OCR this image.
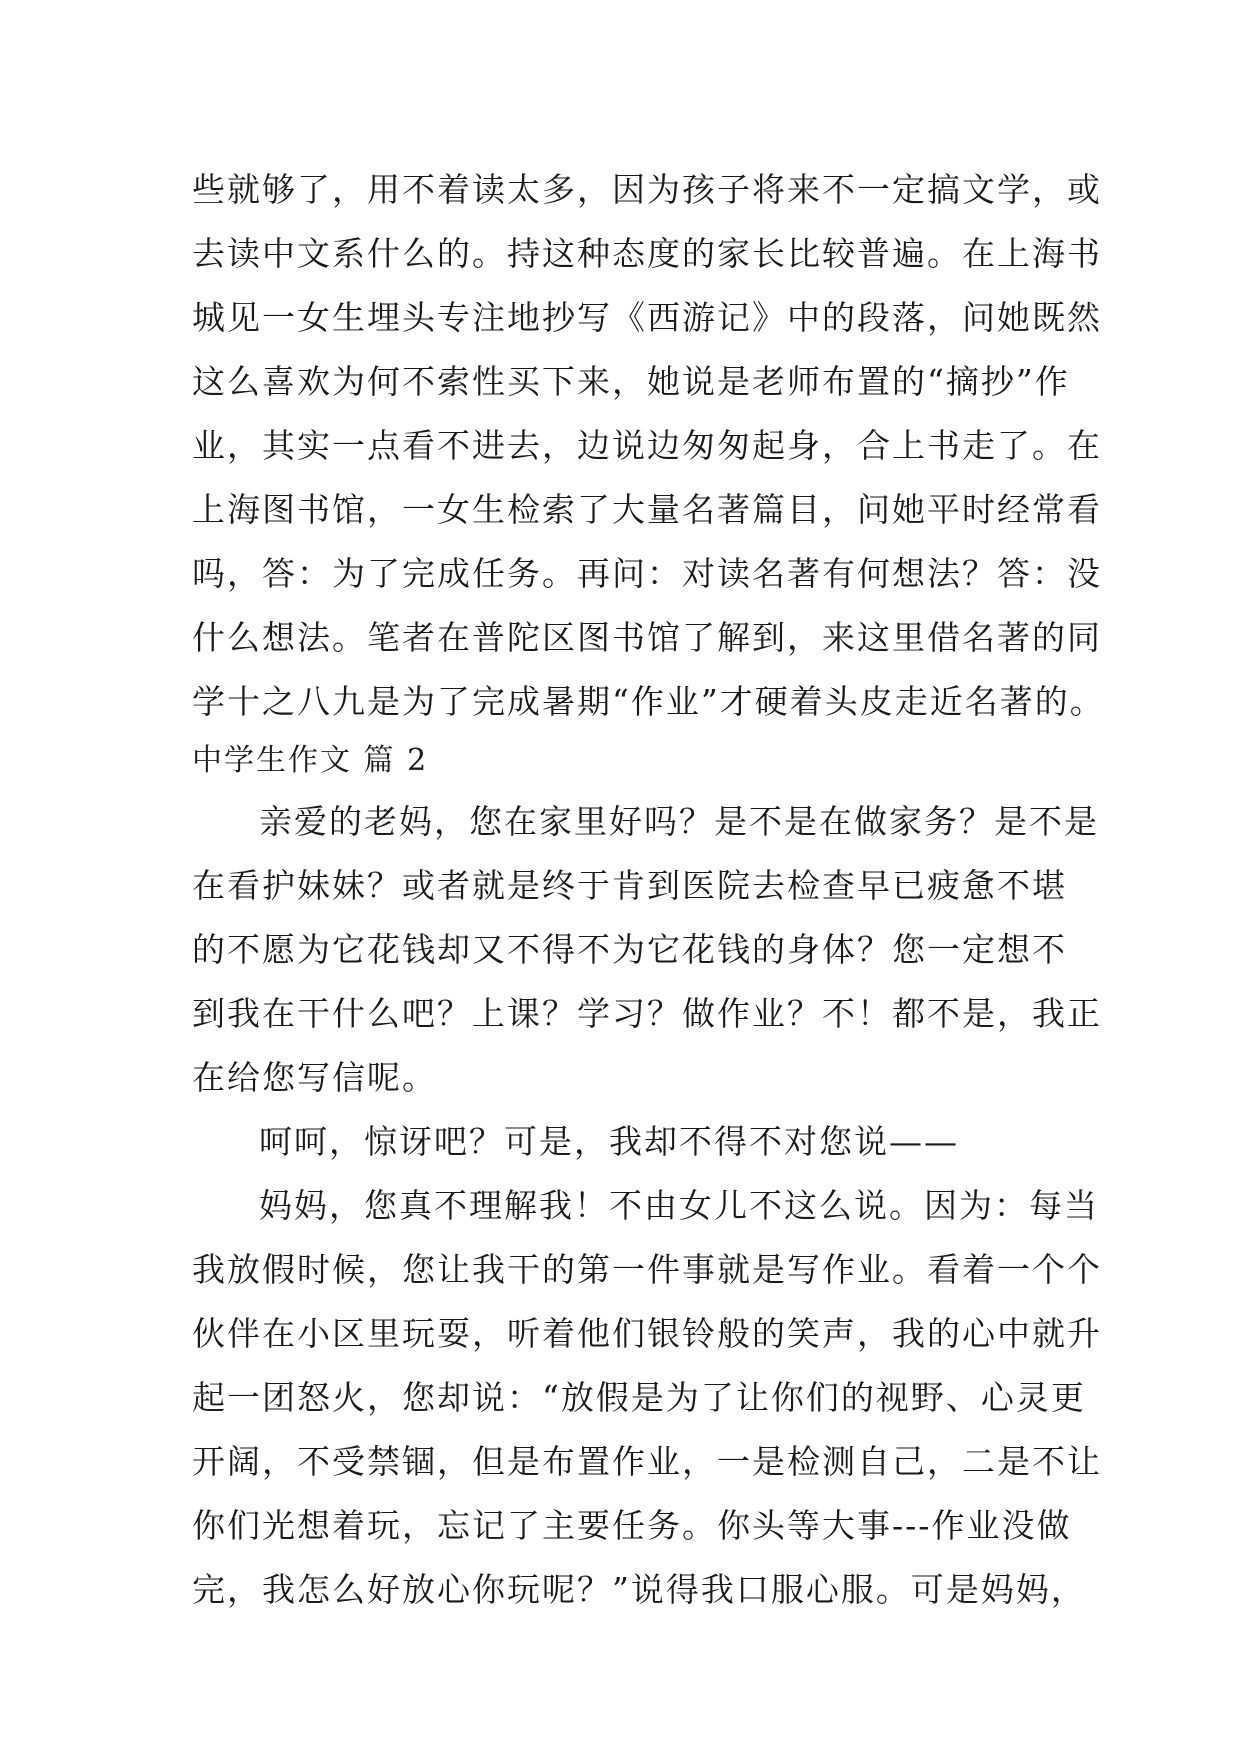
些就够了，用不着读太多，因为孩子将来不一定搞文学，或
去读中文系什么的。持这种态度的家长比较普遍。在上海书
城见一女生埋头专注地抄写《西游记》中的段落，问她既然
这么喜欢为何不索性买下来，她说是老师布置的“摘抄”作
业，其实一点看不进去，边说边匆匆起身，合上书走了。在
上海图书馆，一女生检索了大量名著篇目，问她平时经常看
吗，答：为了完成任务。再问：对读名著有何想法？答：没
什么想法。笔者在普陀区图书馆了解到，来这里借名著的同
学十之八九是为了完成暑期“作业”才硬着头皮走近名著的。
中学生作文 篇 2
亲爱的老妈，您在家里好吗？是不是在做家务？是不是
在看护妹妹？或者就是终于肯到医院去检查早已疲惫不堪
的不愿为它花钱却又不得不为它花钱的身体？您一定想不
到我在干什么吧？上课？学习？做作业？不！都不是，我正
在给您写信呢。
呵呵，惊讶吧？可是，我却不得不对您说——
妈妈，您真不理解我！不由女儿不这么说。因为：每当
我放假时候，您让我干的第一件事就是写作业。看着一个个
伙伴在小区里玩耍，听着他们银铃般的笑声，我的心中就升
起一团怒火，您却说：“放假是为了让你们的视野、心灵更
开阔，不受禁锢，但是布置作业，一是检测自己，二是不让
你们光想着玩，忘记了主要任务。你头等大事---作业没做
完，我怎么好放心你玩呢？”说得我口服心服。可是妈妈，
